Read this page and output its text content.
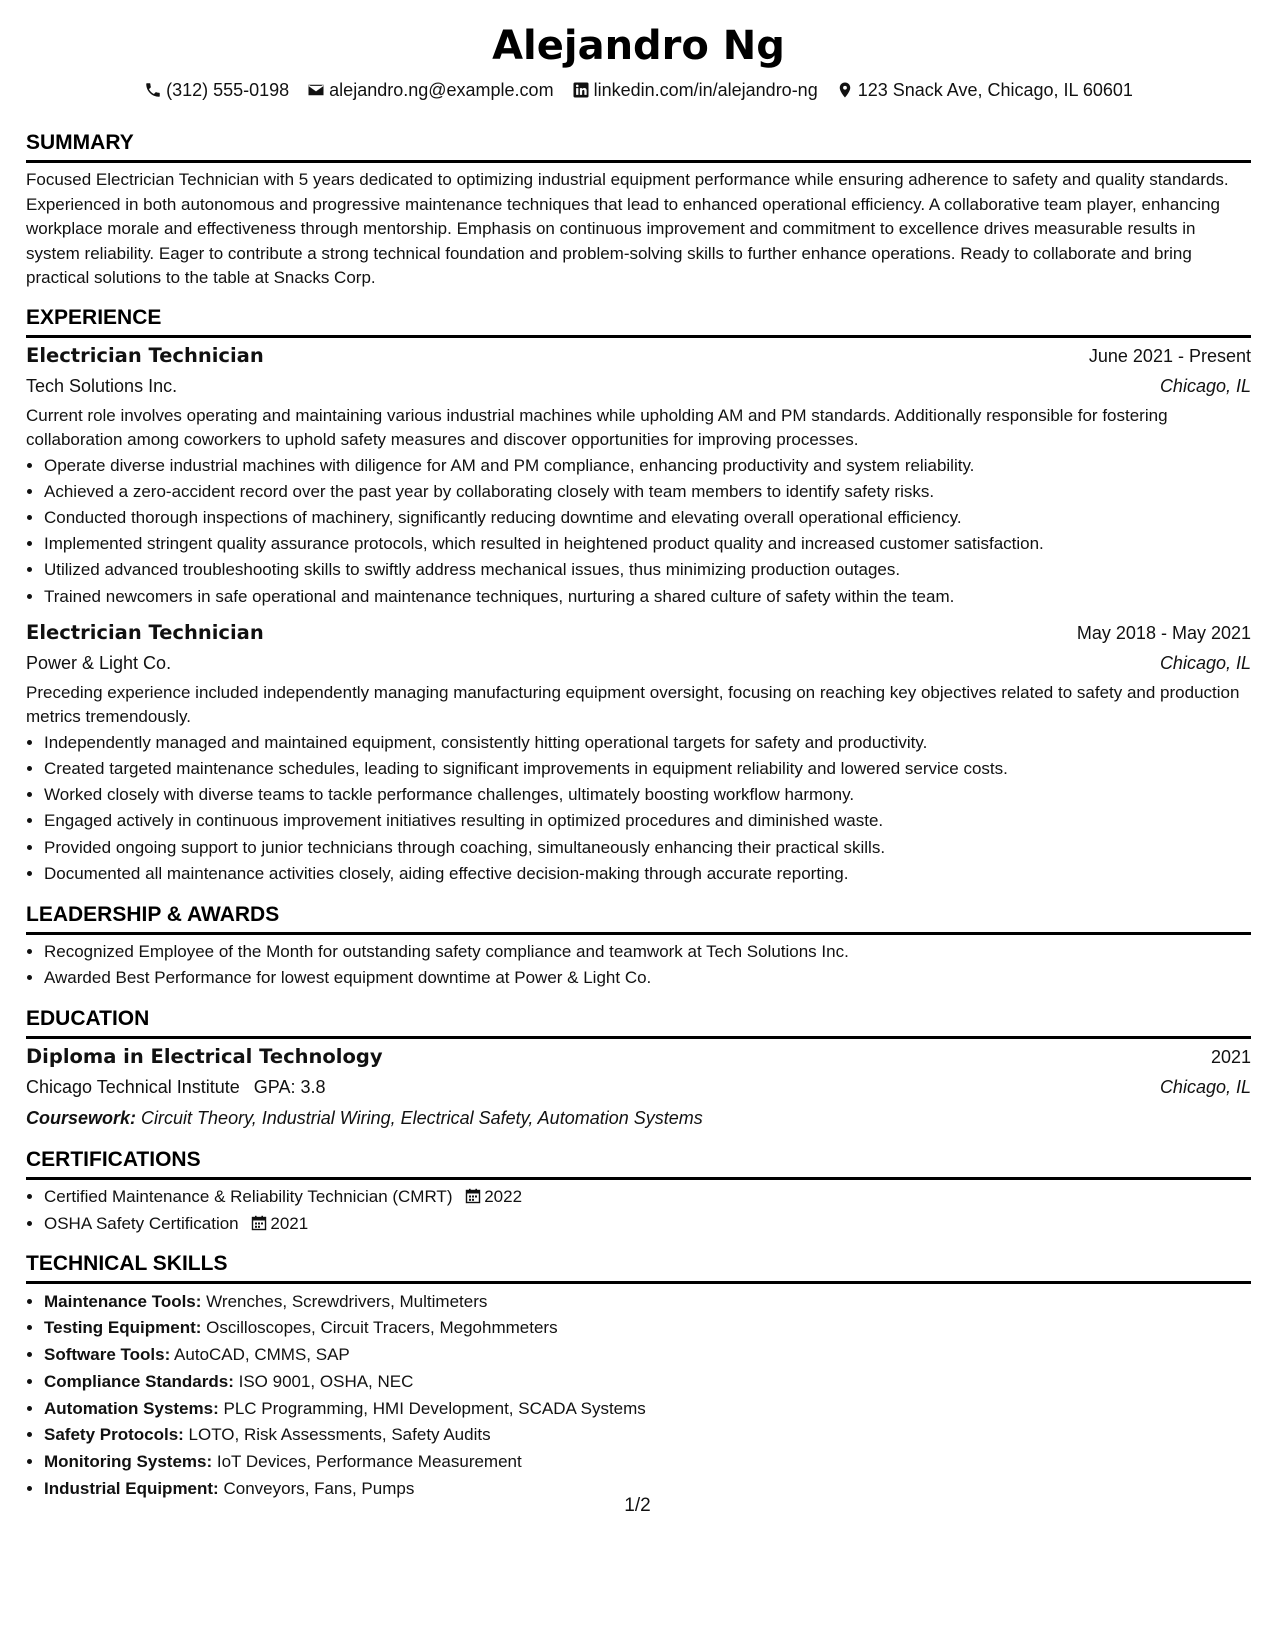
Alejandro Ng
(312) 555-0198 alejandro.ng@example.com linkedin.com/in/alejandro-ng 123 Snack Ave, Chicago, IL 60601
SUMMARY

Focused Electrician Technician with 5 years dedicated to optimizing industrial equipment performance while ensuring adherence to safety and quality standards. Experienced in both autonomous and progressive maintenance techniques that lead to enhanced operational efficiency. A collaborative team player, enhancing workplace morale and effectiveness through mentorship. Emphasis on continuous improvement and commitment to excellence drives measurable results in system reliability. Eager to contribute a strong technical foundation and problem-solving skills to further enhance operations. Ready to collaborate and bring practical solutions to the table at Snacks Corp.

EXPERIENCE
Electrician Technician	June 2021 - Present
Tech Solutions Inc.	Chicago, IL

Current role involves operating and maintaining various industrial machines while upholding AM and PM standards. Additionally responsible for fostering collaboration among coworkers to uphold safety measures and discover opportunities for improving processes.

• Operate diverse industrial machines with diligence for AM and PM compliance, enhancing productivity and system reliability.
• Achieved a zero-accident record over the past year by collaborating closely with team members to identify safety risks.
• Conducted thorough inspections of machinery, significantly reducing downtime and elevating overall operational efficiency.
• Implemented stringent quality assurance protocols, which resulted in heightened product quality and increased customer satisfaction.
• Utilized advanced troubleshooting skills to swiftly address mechanical issues, thus minimizing production outages.
• Trained newcomers in safe operational and maintenance techniques, nurturing a shared culture of safety within the team.
Electrician Technician	May 2018 - May 2021
Power & Light Co.	Chicago, IL

Preceding experience included independently managing manufacturing equipment oversight, focusing on reaching key objectives related to safety and production metrics tremendously.

• Independently managed and maintained equipment, consistently hitting operational targets for safety and productivity.
• Created targeted maintenance schedules, leading to significant improvements in equipment reliability and lowered service costs.
• Worked closely with diverse teams to tackle performance challenges, ultimately boosting workflow harmony.
• Engaged actively in continuous improvement initiatives resulting in optimized procedures and diminished waste.
• Provided ongoing support to junior technicians through coaching, simultaneously enhancing their practical skills.
• Documented all maintenance activities closely, aiding effective decision-making through accurate reporting.
LEADERSHIP & AWARDS
• Recognized Employee of the Month for outstanding safety compliance and teamwork at Tech Solutions Inc.
• Awarded Best Performance for lowest equipment downtime at Power & Light Co.
EDUCATION
Diploma in Electrical Technology	2021
Chicago Technical Institute GPA: 3.8	Chicago, IL
Coursework: Circuit Theory, Industrial Wiring, Electrical Safety, Automation Systems
CERTIFICATIONS
• Certified Maintenance & Reliability Technician (CMRT) 2022
• OSHA Safety Certification 2021
TECHNICAL SKILLS
• Maintenance Tools: Wrenches, Screwdrivers, Multimeters
• Testing Equipment: Oscilloscopes, Circuit Tracers, Megohmmeters
• Software Tools: AutoCAD, CMMS, SAP
• Compliance Standards: ISO 9001, OSHA, NEC
• Automation Systems: PLC Programming, HMI Development, SCADA Systems
• Safety Protocols: LOTO, Risk Assessments, Safety Audits
• Monitoring Systems: IoT Devices, Performance Measurement
• Industrial Equipment: Conveyors, Fans, Pumps
1/2
